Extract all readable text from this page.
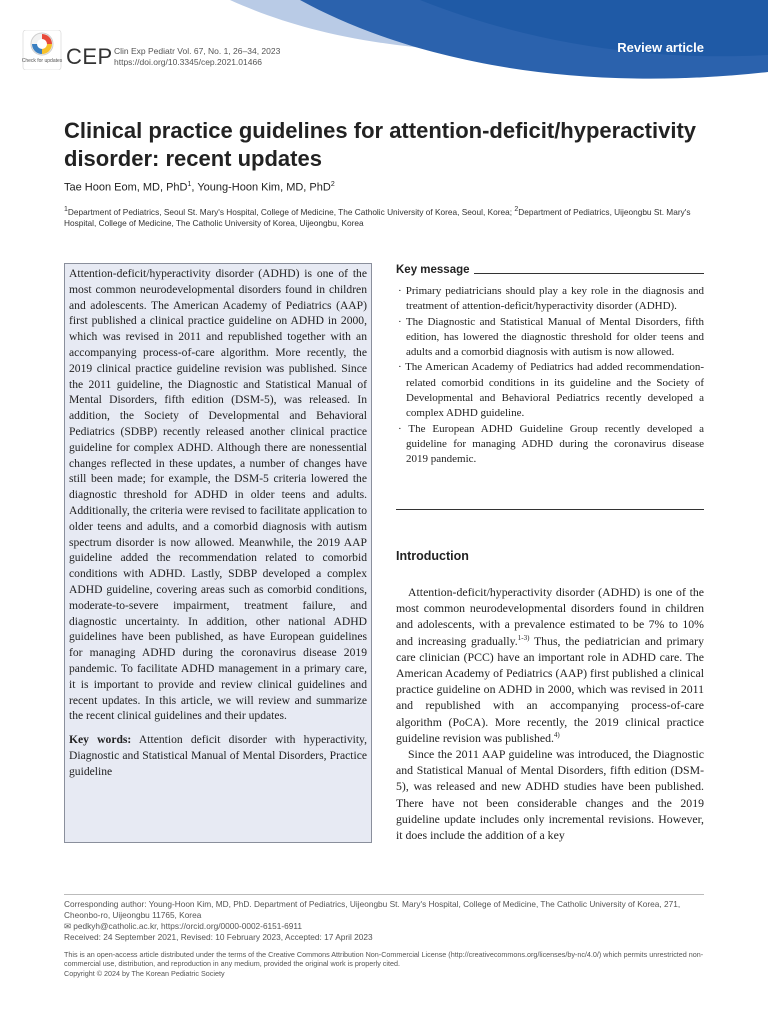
Check for updates CEP Clin Exp Pediatr Vol. 67, No. 1, 26–34, 2023
https://doi.org/10.3345/cep.2021.01466
Review article
Clinical practice guidelines for attention-deficit/hyperactivity disorder: recent updates
Tae Hoon Eom, MD, PhD$^1$, Young-Hoon Kim, MD, PhD$^2$
$^1$Department of Pediatrics, Seoul St. Mary's Hospital, College of Medicine, The Catholic University of Korea, Seoul, Korea; $^2$Department of Pediatrics, Uijeongbu St. Mary's Hospital, College of Medicine, The Catholic University of Korea, Uijeongbu, Korea

Attention-deficit/hyperactivity disorder (ADHD) is one of the most common neurodevelopmental disorders found in children and adolescents. The American Academy of Pediatrics (AAP) first published a clinical practice guideline on ADHD in 2000, which was revised in 2011 and republished together with an accompanying process-of-care algorithm. More recently, the 2019 clinical practice guideline revision was published. Since the 2011 guideline, the Diagnostic and Statistical Manual of Mental Disorders, fifth edition (DSM-5), was released. In addition, the Society of Developmental and Behavioral Pediatrics (SDBP) recently released another clinical practice guideline for complex ADHD. Although there are nonessential changes reflected in these updates, a number of changes have still been made; for example, the DSM-5 criteria lowered the diagnostic threshold for ADHD in older teens and adults. Additionally, the criteria were revised to facilitate application to older teens and adults, and a comorbid diagnosis with autism spectrum disorder is now allowed. Meanwhile, the 2019 AAP guideline added the recommendation related to comorbid conditions with ADHD. Lastly, SDBP developed a complex ADHD guideline, covering areas such as comorbid conditions, moderate-to-severe impairment, treatment failure, and diagnostic uncertainty. In addition, other national ADHD guidelines have been published, as have European guidelines for managing ADHD during the coronavirus disease 2019 pandemic. To facilitate ADHD management in a primary care, it is important to provide and review clinical guidelines and recent updates. In this article, we will review and summarize the recent clinical guidelines and their updates.

Key words: Attention deficit disorder with hyperactivity, Diagnostic and Statistical Manual of Mental Disorders, Practice guideline
Key message
· Primary pediatricians should play a key role in the diagnosis and treatment of attention-deficit/hyperactivity disorder (ADHD).
· The Diagnostic and Statistical Manual of Mental Disorders, fifth edition, has lowered the diagnostic threshold for older teens and adults and a comorbid diagnosis with autism is now allowed.
· The American Academy of Pediatrics had added recommendation-related comorbid conditions in its guideline and the Society of Developmental and Behavioral Pediatrics recently developed a complex ADHD guideline.
· The European ADHD Guideline Group recently developed a guideline for managing ADHD during the coronavirus disease 2019 pandemic.
Introduction

Attention-deficit/hyperactivity disorder (ADHD) is one of the most common neurodevelopmental disorders found in children and adolescents, with a prevalence estimated to be 7% to 10% and increasing gradually.$^{1-3)}$ Thus, the pediatrician and primary care clinician (PCC) have an important role in ADHD care. The American Academy of Pediatrics (AAP) first published a clinical practice guideline on ADHD in 2000, which was revised in 2011 and republished with an accompanying process-of-care algorithm (PoCA). More recently, the 2019 clinical practice guideline revision was published.$^{4)}$

Since the 2011 AAP guideline was introduced, the Diagnostic and Statistical Manual of Mental Disorders, fifth edition (DSM-5), was released and new ADHD studies have been published. There have not been considerable changes and the 2019 guideline update includes only incremental revisions. However, it does include the addition of a key

Corresponding author: Young-Hoon Kim, MD, PhD. Department of Pediatrics, Uijeongbu St. Mary's Hospital, College of Medicine, The Catholic University of Korea, 271, Cheonbo-ro, Uijeongbu 11765, Korea
✉ pedkyh@catholic.ac.kr, https://orcid.org/0000-0002-6151-6911
Received: 24 September 2021, Revised: 10 February 2023, Accepted: 17 April 2023
This is an open-access article distributed under the terms of the Creative Commons Attribution Non-Commercial License (http://creativecommons.org/licenses/by-nc/4.0/) which permits unrestricted non-commercial use, distribution, and reproduction in any medium, provided the original work is properly cited.
Copyright © 2024 by The Korean Pediatric Society
